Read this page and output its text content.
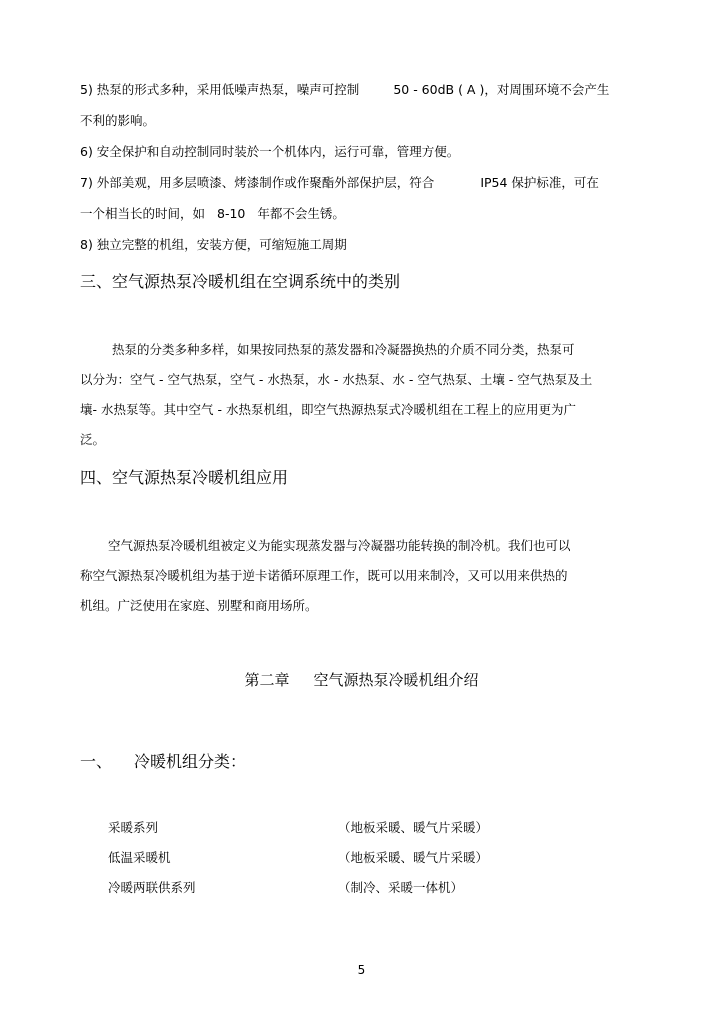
5) 热泵的形式多种，采用低噪声热泵，噪声可控制	50 - 60dB ( A )，对周围环境不会产生
不利的影响。
6) 安全保护和自动控制同时装於一个机体内，运行可靠，管理方便。
7) 外部美观，用多层喷漆、烤漆制作或作聚酯外部保护层，符合	IP54 保护标准，可在
一个相当长的时间，如 8-10 年都不会生锈。
8) 独立完整的机组，安装方便，可缩短施工周期
三、空气源热泵冷暖机组在空调系统中的类别
热泵的分类多种多样，如果按同热泵的蒸发器和冷凝器换热的介质不同分类，热泵可
以分为：空气 - 空气热泵，空气 - 水热泵，水 - 水热泵、水 - 空气热泵、土壤 - 空气热泵及土
壤- 水热泵等。其中空气 - 水热泵机组，即空气热源热泵式冷暖机组在工程上的应用更为广
泛。
四、空气源热泵冷暖机组应用
空气源热泵冷暖机组被定义为能实现蒸发器与冷凝器功能转换的制冷机。我们也可以
称空气源热泵冷暖机组为基于逆卡诺循环原理工作，既可以用来制冷，又可以用来供热的
机组。广泛使用在家庭、别墅和商用场所。
第二章 空气源热泵冷暖机组介绍
一、 冷暖机组分类：
采暖系列	（地板采暖、暖气片采暖）
低温采暖机	（地板采暖、暖气片采暖）
冷暖两联供系列	（制冷、采暖一体机）
5
